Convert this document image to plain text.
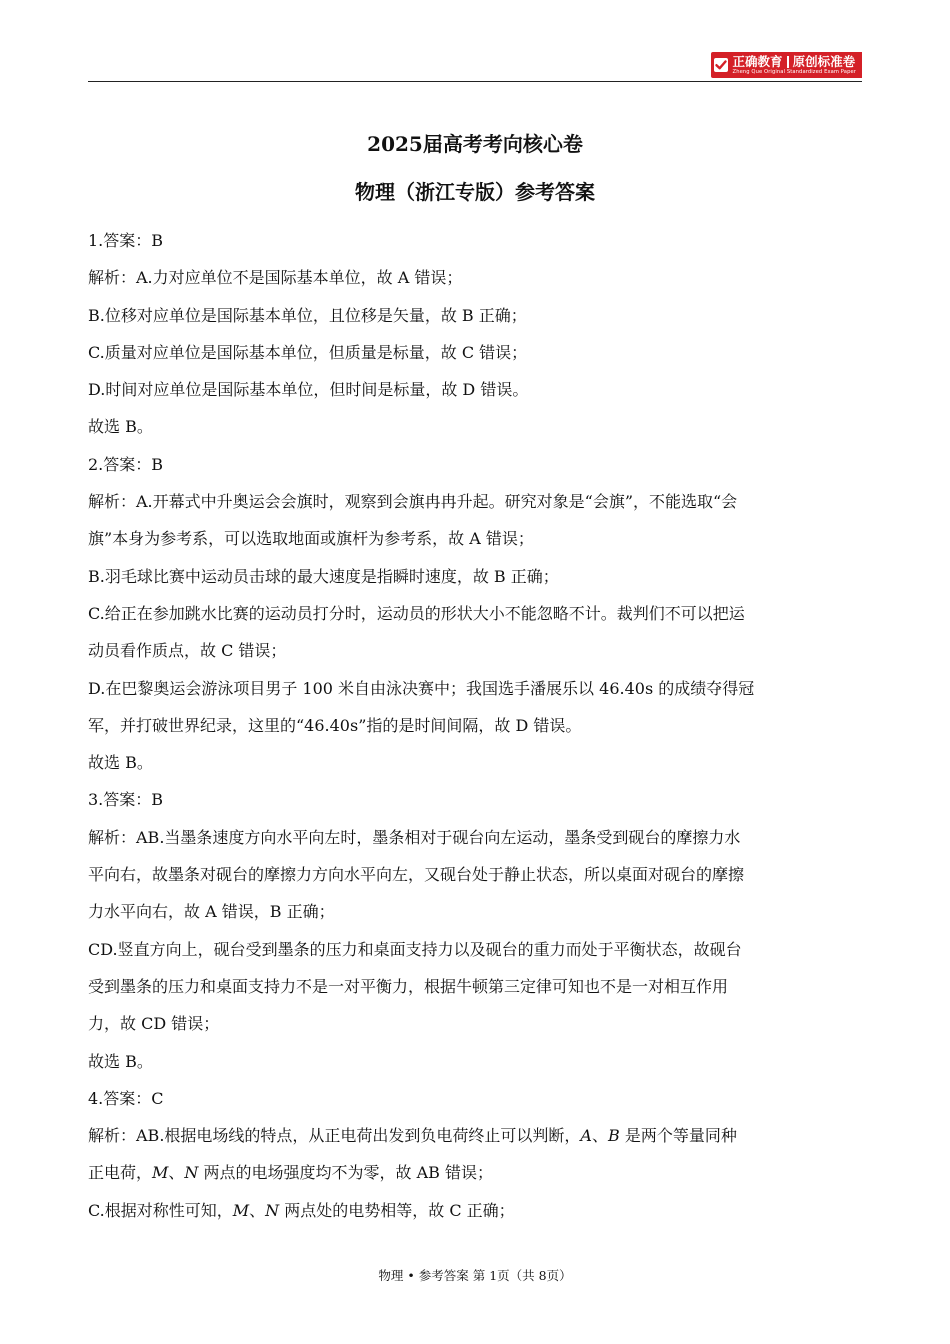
正确教育 原创标准卷
Zheng Que Original Standardized Exam Paper
2025届高考考向核心卷
物理（浙江专版）参考答案

1.答案：B

解析：A.力对应单位不是国际基本单位，故 A 错误；

B.位移对应单位是国际基本单位，且位移是矢量，故 B 正确；

C.质量对应单位是国际基本单位，但质量是标量，故 C 错误；

D.时间对应单位是国际基本单位，但时间是标量，故 D 错误。

故选 B。

2.答案：B

解析：A.开幕式中升奥运会会旗时，观察到会旗冉冉升起。研究对象是“会旗”，不能选取“会

旗”本身为参考系，可以选取地面或旗杆为参考系，故 A 错误；

B.羽毛球比赛中运动员击球的最大速度是指瞬时速度，故 B 正确；

C.给正在参加跳水比赛的运动员打分时，运动员的形状大小不能忽略不计。裁判们不可以把运

动员看作质点，故 C 错误；

D.在巴黎奥运会游泳项目男子 100 米自由泳决赛中；我国选手潘展乐以 46.40s 的成绩夺得冠

军，并打破世界纪录，这里的“46.40s”指的是时间间隔，故 D 错误。

故选 B。

3.答案：B

解析：AB.当墨条速度方向水平向左时，墨条相对于砚台向左运动，墨条受到砚台的摩擦力水

平向右，故墨条对砚台的摩擦力方向水平向左，又砚台处于静止状态，所以桌面对砚台的摩擦

力水平向右，故 A 错误，B 正确；

CD.竖直方向上，砚台受到墨条的压力和桌面支持力以及砚台的重力而处于平衡状态，故砚台

受到墨条的压力和桌面支持力不是一对平衡力，根据牛顿第三定律可知也不是一对相互作用

力，故 CD 错误；

故选 B。

4.答案：C

解析：AB.根据电场线的特点，从正电荷出发到负电荷终止可以判断，A、B 是两个等量同种

正电荷，M、N 两点的电场强度均不为零，故 AB 错误；

C.根据对称性可知，M、N 两点处的电势相等，故 C 正确；

物理 • 参考答案 第 1页（共 8页）
